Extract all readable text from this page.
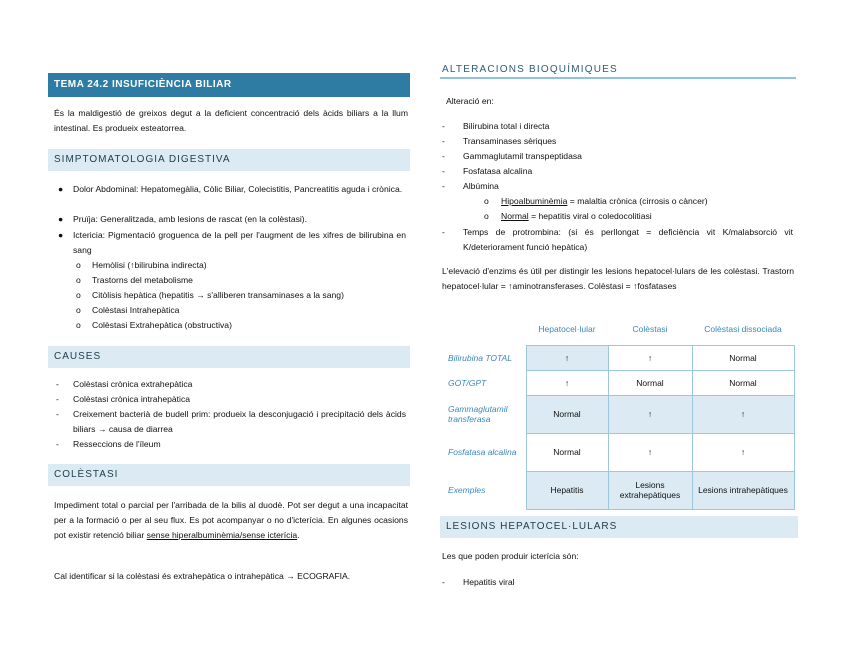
TEMA 24.2 INSUFICIÈNCIA BILIAR
És la maldigestió de greixos degut a la deficient concentració dels àcids biliars a la llum intestinal. Es produeix esteatorrea.
SIMPTOMATOLOGIA DIGESTIVA
● Dolor Abdominal: Hepatomegàlia, Còlic Biliar, Colecistitis, Pancreatitis aguda i crònica.
● Pruïja: Generalitzada, amb lesions de rascat (en la colèstasi).
● Ictericia: Pigmentació groguenca de la pell per l'augment de les xifres de bilirubina en sang
o Hemòlisi (↑bilirubina indirecta)
o Trastorns del metabolisme
o Citòlisis hepàtica (hepatitis → s'alliberen transaminases a la sang)
o Colèstasi Intrahepàtica
o Colèstasi Extrahepàtica (obstructiva)
CAUSES
- Colèstasi crònica extrahepàtica
- Colèstasi crònica intrahepàtica
- Creixement bacterià de budell prim: produeix la desconjugació i precipitació dels àcids biliars → causa de diarrea
- Resseccions de l'íleum
COLÈSTASI
Impediment total o parcial per l'arribada de la bilis al duodè. Pot ser degut a una incapacitat per a la formació o per al seu flux. Es pot acompanyar o no d'icterícia. En algunes ocasions pot existir retenció biliar sense hiperalbuminèmia/sense icterícia.
Cal identificar si la colèstasi és extrahepàtica o intrahepàtica → ECOGRAFIA.
ALTERACIONS BIOQUÍMIQUES
Alteració en:
- Bilirubina total i directa
- Transaminases sèriques
- Gammaglutamil transpeptidasa
- Fosfatasa alcalina
- Albúmina
o Hipoalbuminèmia = malaltia crònica (cirrosis o càncer)
o Normal = hepatitis viral o coledocolitiasi
- Temps de protrombina: (si és perllongat = deficiència vit K/malabsorció vit K/deteriorament funció hepàtica)
L'elevació d'enzims és útil per distingir les lesions hepatocel·lulars de les colèstasi. Trastorn hepatocel·lular = ↑aminotransferases. Colèstasi = ↑fosfatases
	Hepatocel·lular	Colèstasi	Colèstasi dissociada
Bilirubina TOTAL	↑	↑	Normal
GOT/GPT	↑	Normal	Normal
Gammaglutamil transferasa	Normal	↑	↑
Fosfatasa alcalina	Normal	↑	↑
Exemples	Hepatitis	Lesions extrahepàtiques	Lesions intrahepàtiques
LESIONS HEPATOCEL·LULARS
Les que poden produir icterícia són:
- Hepatitis viral
